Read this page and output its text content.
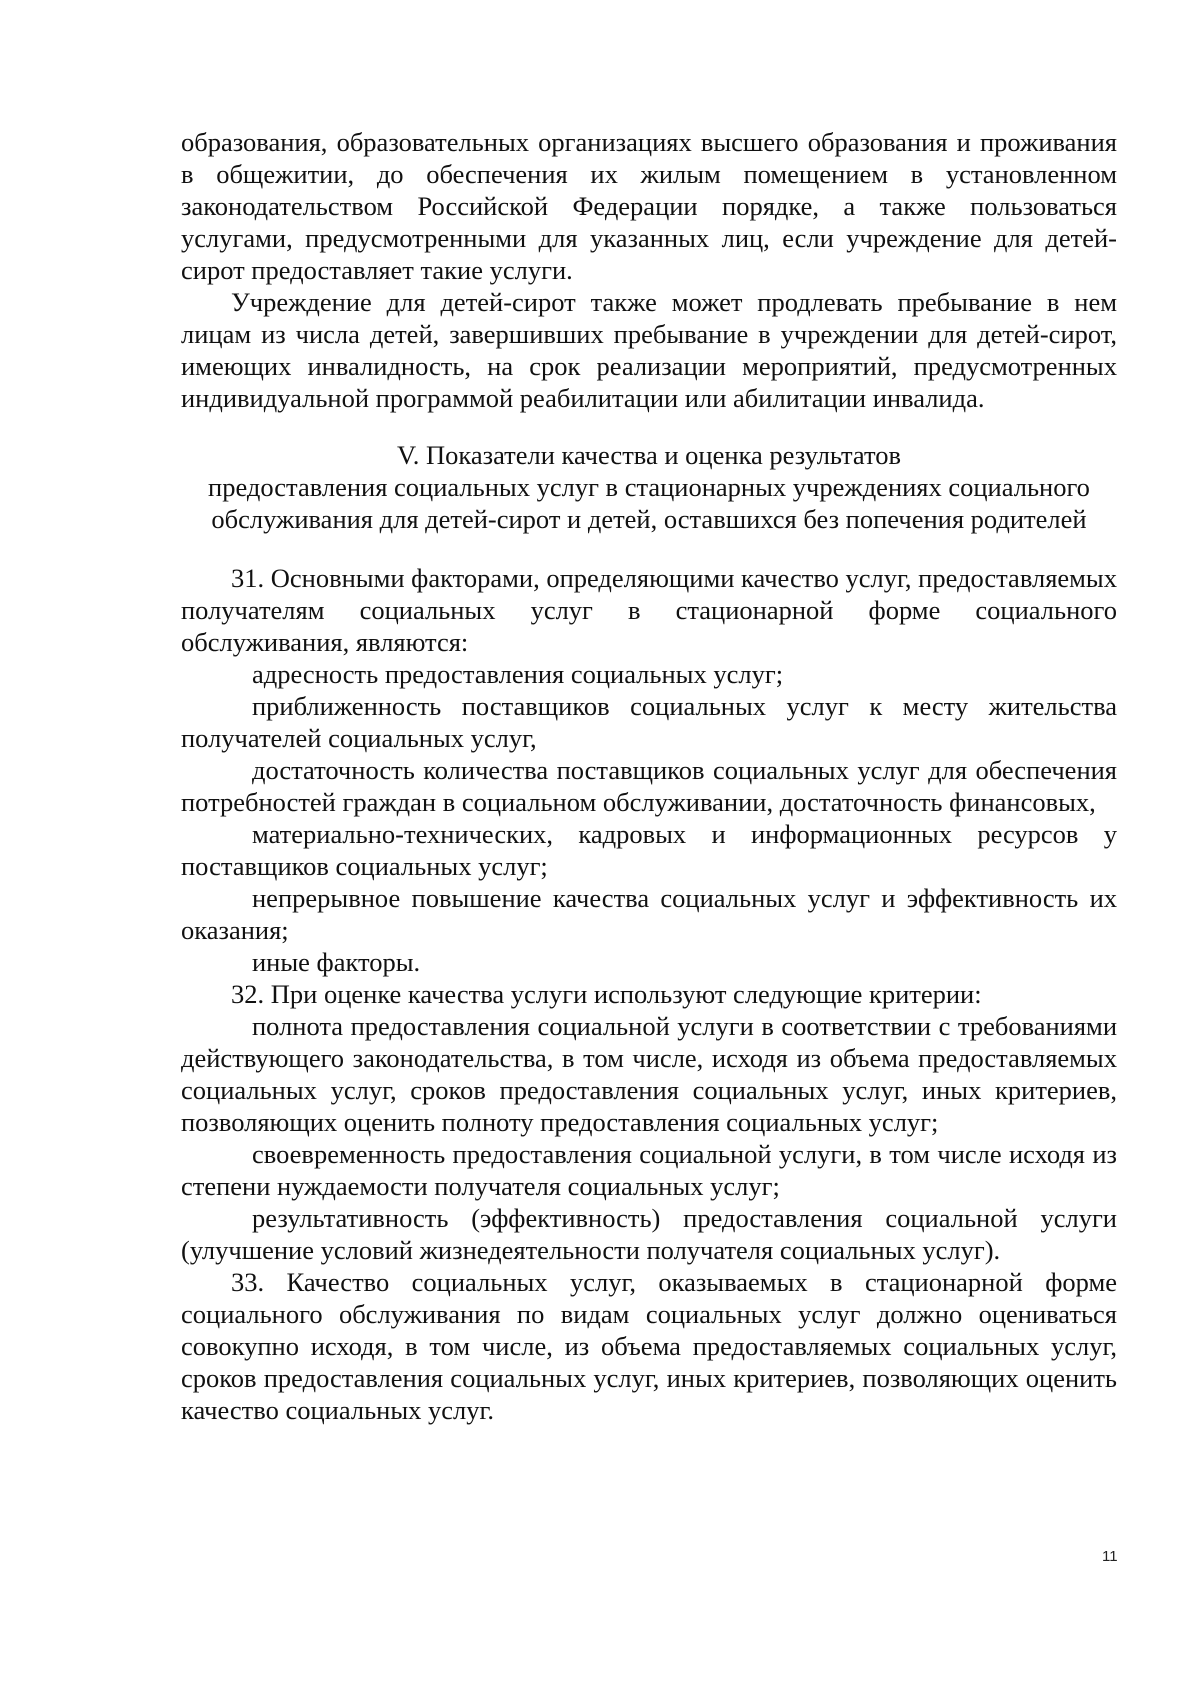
образования, образовательных организациях высшего образования и проживания в общежитии, до обеспечения их жилым помещением в установленном законодательством Российской Федерации порядке, а также пользоваться услугами, предусмотренными для указанных лиц, если учреждение для детей-сирот предоставляет такие услуги.

Учреждение для детей-сирот также может продлевать пребывание в нем лицам из числа детей, завершивших пребывание в учреждении для детей-сирот, имеющих инвалидность, на срок реализации мероприятий, предусмотренных индивидуальной программой реабилитации или абилитации инвалида.

V. Показатели качества и оценка результатов
предоставления социальных услуг в стационарных учреждениях социального обслуживания для детей-сирот и детей, оставшихся без попечения родителей

31. Основными факторами, определяющими качество услуг, предоставляемых получателям социальных услуг в стационарной форме социального обслуживания, являются:

адресность предоставления социальных услуг;

приближенность поставщиков социальных услуг к месту жительства получателей социальных услуг,

достаточность количества поставщиков социальных услуг для обеспечения потребностей граждан в социальном обслуживании, достаточность финансовых,

материально-технических, кадровых и информационных ресурсов у поставщиков социальных услуг;

непрерывное повышение качества социальных услуг и эффективность их оказания;

иные факторы.

32. При оценке качества услуги используют следующие критерии:

полнота предоставления социальной услуги в соответствии с требованиями действующего законодательства, в том числе, исходя из объема предоставляемых социальных услуг, сроков предоставления социальных услуг, иных критериев, позволяющих оценить полноту предоставления социальных услуг;

своевременность предоставления социальной услуги, в том числе исходя из степени нуждаемости получателя социальных услуг;

результативность (эффективность) предоставления социальной услуги (улучшение условий жизнедеятельности получателя социальных услуг).

33. Качество социальных услуг, оказываемых в стационарной форме социального обслуживания по видам социальных услуг должно оцениваться совокупно исходя, в том числе, из объема предоставляемых социальных услуг, сроков предоставления социальных услуг, иных критериев, позволяющих оценить качество социальных услуг.

11
